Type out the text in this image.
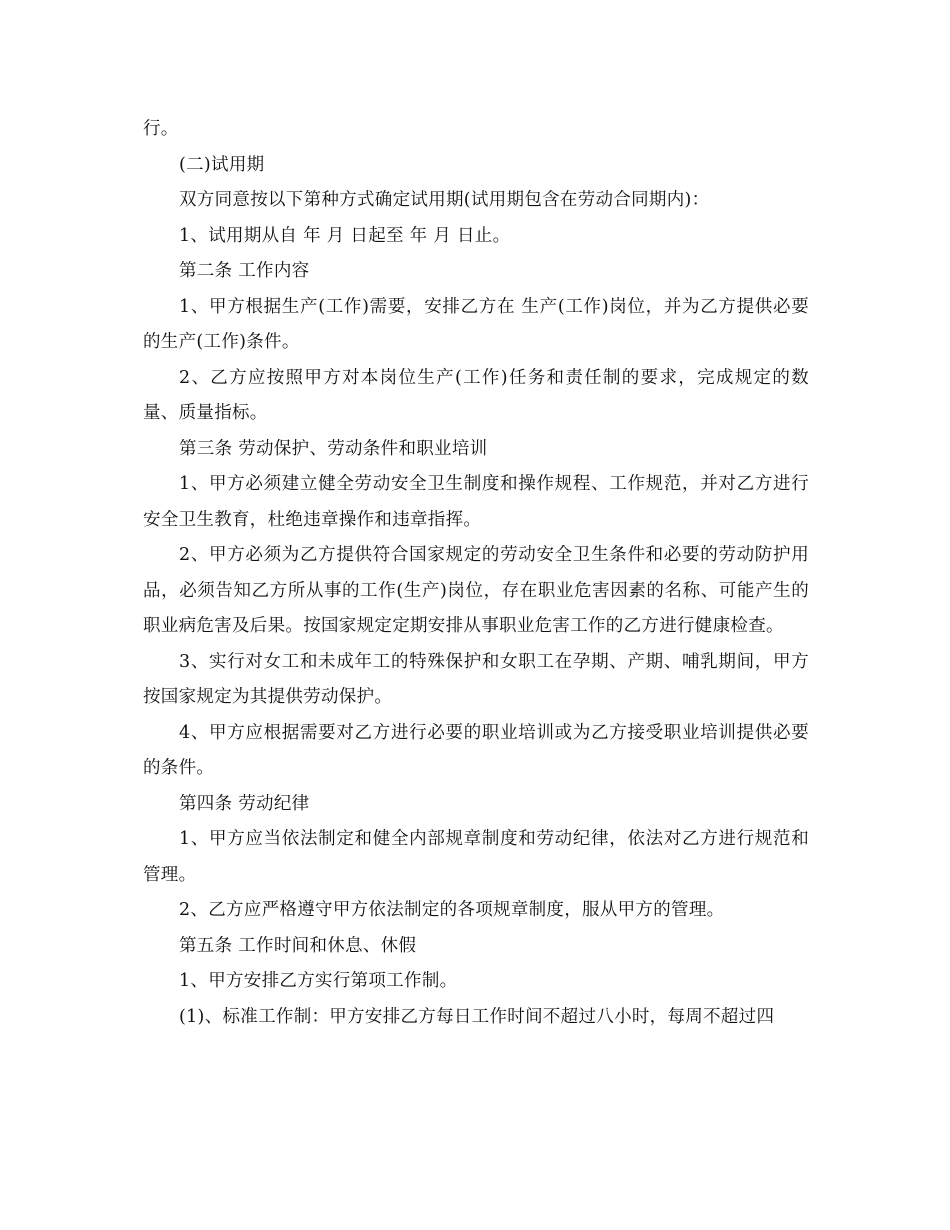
行。

(二)试用期

双方同意按以下第种方式确定试用期(试用期包含在劳动合同期内)：

1、试用期从自 年 月 日起至 年 月 日止。

第二条 工作内容

1、甲方根据生产(工作)需要，安排乙方在 生产(工作)岗位，并为乙方提供必要的生产(工作)条件。

2、乙方应按照甲方对本岗位生产(工作)任务和责任制的要求，完成规定的数量、质量指标。

第三条 劳动保护、劳动条件和职业培训

1、甲方必须建立健全劳动安全卫生制度和操作规程、工作规范，并对乙方进行安全卫生教育，杜绝违章操作和违章指挥。

2、甲方必须为乙方提供符合国家规定的劳动安全卫生条件和必要的劳动防护用品，必须告知乙方所从事的工作(生产)岗位，存在职业危害因素的名称、可能产生的职业病危害及后果。按国家规定定期安排从事职业危害工作的乙方进行健康检查。

3、实行对女工和未成年工的特殊保护和女职工在孕期、产期、哺乳期间，甲方按国家规定为其提供劳动保护。

4、甲方应根据需要对乙方进行必要的职业培训或为乙方接受职业培训提供必要的条件。

第四条 劳动纪律

1、甲方应当依法制定和健全内部规章制度和劳动纪律，依法对乙方进行规范和管理。

2、乙方应严格遵守甲方依法制定的各项规章制度，服从甲方的管理。

第五条 工作时间和休息、休假

1、甲方安排乙方实行第项工作制。

(1)、标准工作制：甲方安排乙方每日工作时间不超过八小时，每周不超过四
